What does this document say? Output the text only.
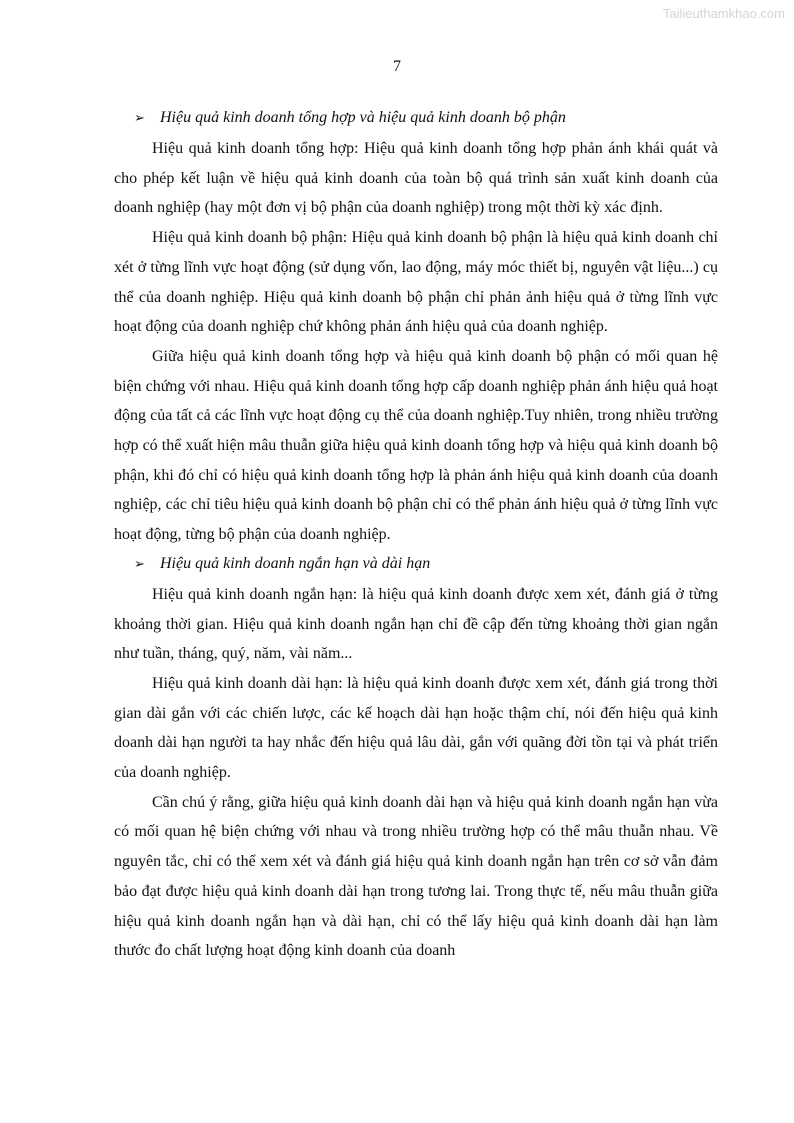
Tailieuthamkhao.com
7
➢ Hiệu quả kinh doanh tổng hợp và hiệu quả kinh doanh bộ phận

Hiệu quả kinh doanh tổng hợp: Hiệu quả kinh doanh tổng hợp phản ánh khái quát và cho phép kết luận về hiệu quả kinh doanh của toàn bộ quá trình sản xuất kinh doanh của doanh nghiệp (hay một đơn vị bộ phận của doanh nghiệp) trong một thời kỳ xác định.

Hiệu quả kinh doanh bộ phận: Hiệu quả kinh doanh bộ phận là hiệu quả kinh doanh chỉ xét ở từng lĩnh vực hoạt động (sử dụng vốn, lao động, máy móc thiết bị, nguyên vật liệu...) cụ thể của doanh nghiệp. Hiệu quả kinh doanh bộ phận chỉ phản ảnh hiệu quả ở từng lĩnh vực hoạt động của doanh nghiệp chứ không phản ánh hiệu quả của doanh nghiệp.

Giữa hiệu quả kinh doanh tổng hợp và hiệu quả kinh doanh bộ phận có mối quan hệ biện chứng với nhau. Hiệu quả kinh doanh tổng hợp cấp doanh nghiệp phản ánh hiệu quả hoạt động của tất cả các lĩnh vực hoạt động cụ thể của doanh nghiệp.Tuy nhiên, trong nhiều trường hợp có thể xuất hiện mâu thuẫn giữa hiệu quả kinh doanh tổng hợp và hiệu quả kinh doanh bộ phận, khi đó chỉ có hiệu quả kinh doanh tổng hợp là phản ánh hiệu quả kinh doanh của doanh nghiệp, các chỉ tiêu hiệu quả kinh doanh bộ phận chỉ có thể phản ánh hiệu quả ở từng lĩnh vực hoạt động, từng bộ phận của doanh nghiệp.

➢ Hiệu quả kinh doanh ngắn hạn và dài hạn

Hiệu quả kinh doanh ngắn hạn: là hiệu quả kinh doanh được xem xét, đánh giá ở từng khoảng thời gian. Hiệu quả kinh doanh ngắn hạn chỉ đề cập đến từng khoảng thời gian ngắn như tuần, tháng, quý, năm, vài năm...

Hiệu quả kinh doanh dài hạn: là hiệu quả kinh doanh được xem xét, đánh giá trong thời gian dài gắn với các chiến lược, các kế hoạch dài hạn hoặc thậm chí, nói đến hiệu quả kinh doanh dài hạn người ta hay nhắc đến hiệu quả lâu dài, gắn với quãng đời tồn tại và phát triển của doanh nghiệp.

Cần chú ý rằng, giữa hiệu quả kinh doanh dài hạn và hiệu quả kinh doanh ngắn hạn vừa có mối quan hệ biện chứng với nhau và trong nhiều trường hợp có thể mâu thuẫn nhau. Về nguyên tắc, chỉ có thể xem xét và đánh giá hiệu quả kinh doanh ngắn hạn trên cơ sở vẫn đảm bảo đạt được hiệu quả kinh doanh dài hạn trong tương lai. Trong thực tế, nếu mâu thuẫn giữa hiệu quả kinh doanh ngắn hạn và dài hạn, chỉ có thể lấy hiệu quả kinh doanh dài hạn làm thước đo chất lượng hoạt động kinh doanh của doanh
